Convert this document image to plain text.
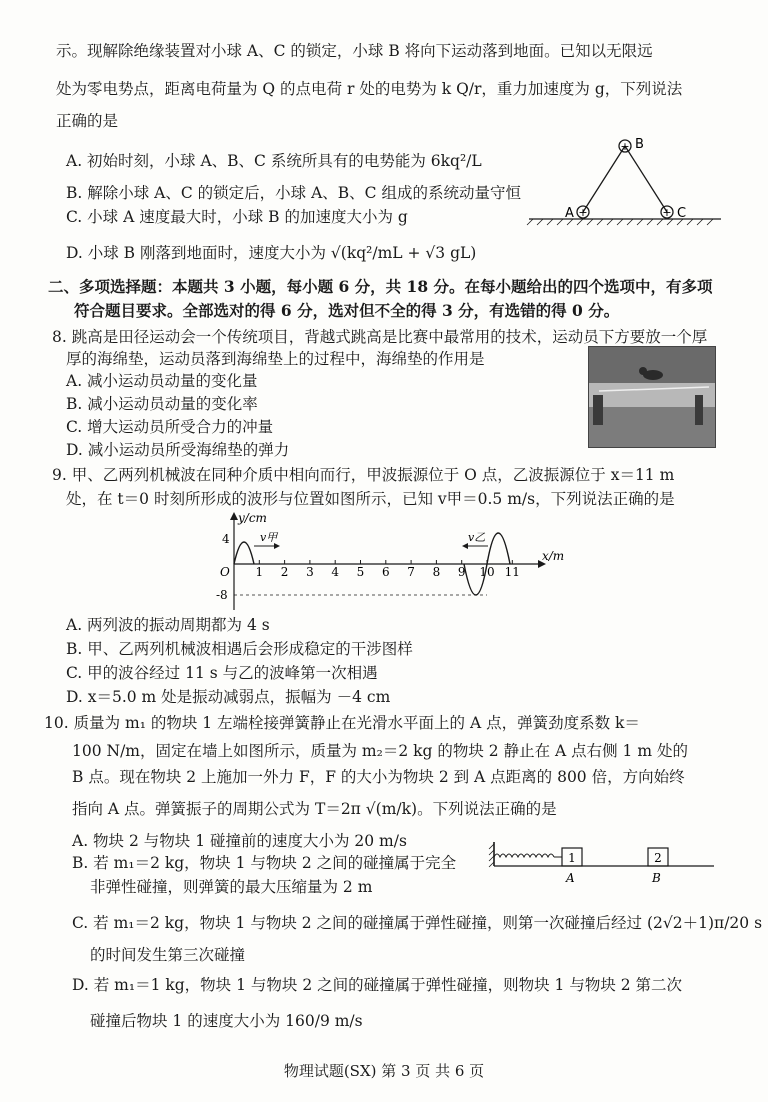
示。现解除绝缘装置对小球 A、C 的锁定，小球 B 将向下运动落到地面。已知以无限远
处为零电势点，距离电荷量为 Q 的点电荷 r 处的电势为 k Q/r，重力加速度为 g，下列说法
正确的是
A. 初始时刻，小球 A、B、C 系统所具有的电势能为 6kq²/L
B. 解除小球 A、C 的锁定后，小球 A、B、C 组成的系统动量守恒
C. 小球 A 速度最大时，小球 B 的加速度大小为 g
D. 小球 B 刚落到地面时，速度大小为 √(kq²/mL + √3 gL)
+
+	+
B
A	C
二、多项选择题：本题共 3 小题，每小题 6 分，共 18 分。在每小题给出的四个选项中，有多项
符合题目要求。全部选对的得 6 分，选对但不全的得 3 分，有选错的得 0 分。
8. 跳高是田径运动会一个传统项目，背越式跳高是比赛中最常用的技术，运动员下方要放一个厚
厚的海绵垫，运动员落到海绵垫上的过程中，海绵垫的作用是
A. 减小运动员动量的变化量
B. 减小运动员动量的变化率
C. 增大运动员所受合力的冲量
D. 减小运动员所受海绵垫的弹力
9. 甲、乙两列机械波在同种介质中相向而行，甲波振源位于 O 点，乙波振源位于 x＝11 m
处，在 t＝0 时刻所形成的波形与位置如图所示，已知 v甲＝0.5 m/s，下列说法正确的是
y/cm
x/m
O
4
-8
1 2 3 4 5 6 7 8 9 10 11
v甲	v乙
A. 两列波的振动周期都为 4 s
B. 甲、乙两列机械波相遇后会形成稳定的干涉图样
C. 甲的波谷经过 11 s 与乙的波峰第一次相遇
D. x＝5.0 m 处是振动减弱点，振幅为 －4 cm
10. 质量为 m₁ 的物块 1 左端栓接弹簧静止在光滑水平面上的 A 点，弹簧劲度系数 k＝
100 N/m，固定在墙上如图所示，质量为 m₂＝2 kg 的物块 2 静止在 A 点右侧 1 m 处的
B 点。现在物块 2 上施加一外力 F，F 的大小为物块 2 到 A 点距离的 800 倍，方向始终
指向 A 点。弹簧振子的周期公式为 T＝2π √(m/k)。下列说法正确的是
A. 物块 2 与物块 1 碰撞前的速度大小为 20 m/s
B. 若 m₁＝2 kg，物块 1 与物块 2 之间的碰撞属于完全
非弹性碰撞，则弹簧的最大压缩量为 2 m
1	2
A	B
C. 若 m₁＝2 kg，物块 1 与物块 2 之间的碰撞属于弹性碰撞，则第一次碰撞后经过 (2√2＋1)π/20 s
的时间发生第三次碰撞
D. 若 m₁＝1 kg，物块 1 与物块 2 之间的碰撞属于弹性碰撞，则物块 1 与物块 2 第二次
碰撞后物块 1 的速度大小为 160/9 m/s
物理试题(SX) 第 3 页 共 6 页
